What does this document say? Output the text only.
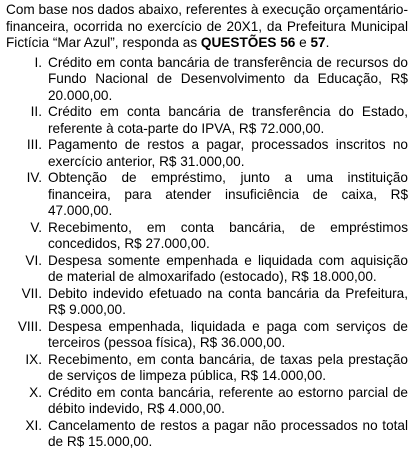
Com base nos dados abaixo, referentes à execução orçamentário-financeira, ocorrida no exercício de 20X1, da Prefeitura Municipal Fictícia “Mar Azul”, responda as QUESTÕES 56 e 57.

I. Crédito em conta bancária de transferência de recursos do Fundo Nacional de Desenvolvimento da Educação, R$ 20.000,00.
II. Crédito em conta bancária de transferência do Estado, referente à cota-parte do IPVA, R$ 72.000,00.
III. Pagamento de restos a pagar, processados inscritos no exercício anterior, R$ 31.000,00.
IV. Obtenção de empréstimo, junto a uma instituição financeira, para atender insuficiência de caixa, R$ 47.000,00.
V. Recebimento, em conta bancária, de empréstimos concedidos, R$ 27.000,00.
VI. Despesa somente empenhada e liquidada com aquisição de material de almoxarifado (estocado), R$ 18.000,00.
VII. Debito indevido efetuado na conta bancária da Prefeitura, R$ 9.000,00.
VIII. Despesa empenhada, liquidada e paga com serviços de terceiros (pessoa física), R$ 36.000,00.
IX. Recebimento, em conta bancária, de taxas pela prestação de serviços de limpeza pública, R$ 14.000,00.
X. Crédito em conta bancária, referente ao estorno parcial de débito indevido, R$ 4.000,00.
XI. Cancelamento de restos a pagar não processados no total de R$ 15.000,00.
